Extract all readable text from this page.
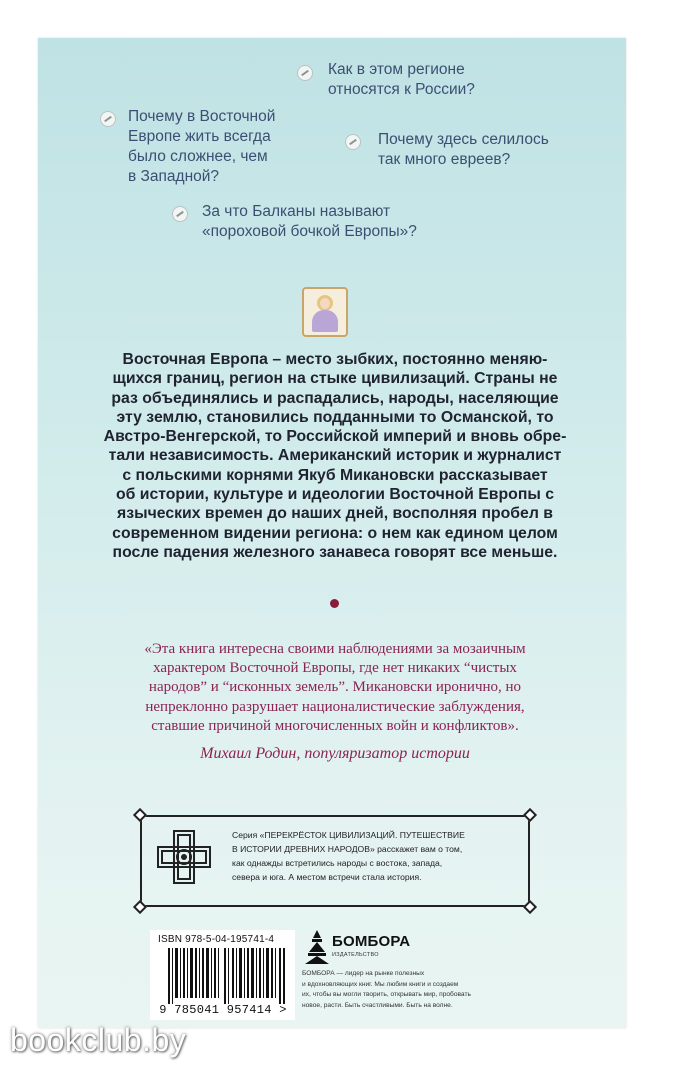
Как в этом регионе
относятся к России?

Почему в Восточной
Европе жить всегда
было сложнее, чем
в Западной?

Почему здесь селилось
так много евреев?

За что Балканы называют
«пороховой бочкой Европы»?

Восточная Европа – место зыбких, постоянно меняю-
щихся границ, регион на стыке цивилизаций. Страны не
раз объединялись и распадались, народы, населяющие
эту землю, становились подданными то Османской, то
Австро-Венгерской, то Российской империй и вновь обре-
тали независимость. Американский историк и журналист
с польскими корнями Якуб Микановски рассказывает
об истории, культуре и идеологии Восточной Европы с
языческих времен до наших дней, восполняя пробел в
современном видении региона: о нем как едином целом
после падения железного занавеса говорят все меньше.

«Эта книга интересна своими наблюдениями за мозаичным
характером Восточной Европы, где нет никаких “чистых
народов” и “исконных земель”. Микановски иронично, но
непреклонно разрушает националистические заблуждения,
ставшие причиной многочисленных войн и конфликтов».

Михаил Родин, популяризатор истории

Серия «ПЕРЕКРЁСТОК ЦИВИЛИЗАЦИЙ. ПУТЕШЕСТВИЕ
В ИСТОРИИ ДРЕВНИХ НАРОДОВ» расскажет вам о том,
как однажды встретились народы с востока, запада,
севера и юга. А местом встречи стала история.

ISBN 978-5-04-195741-4

9 785041 957414 >

БОМБОРА

ИЗДАТЕЛЬСТВО

БОМБОРА — лидер на рынке полезных
и вдохновляющих книг. Мы любим книги и создаем
их, чтобы вы могли творить, открывать мир, пробовать
новое, расти. Быть счастливыми. Быть на волне.

bookclub.by
